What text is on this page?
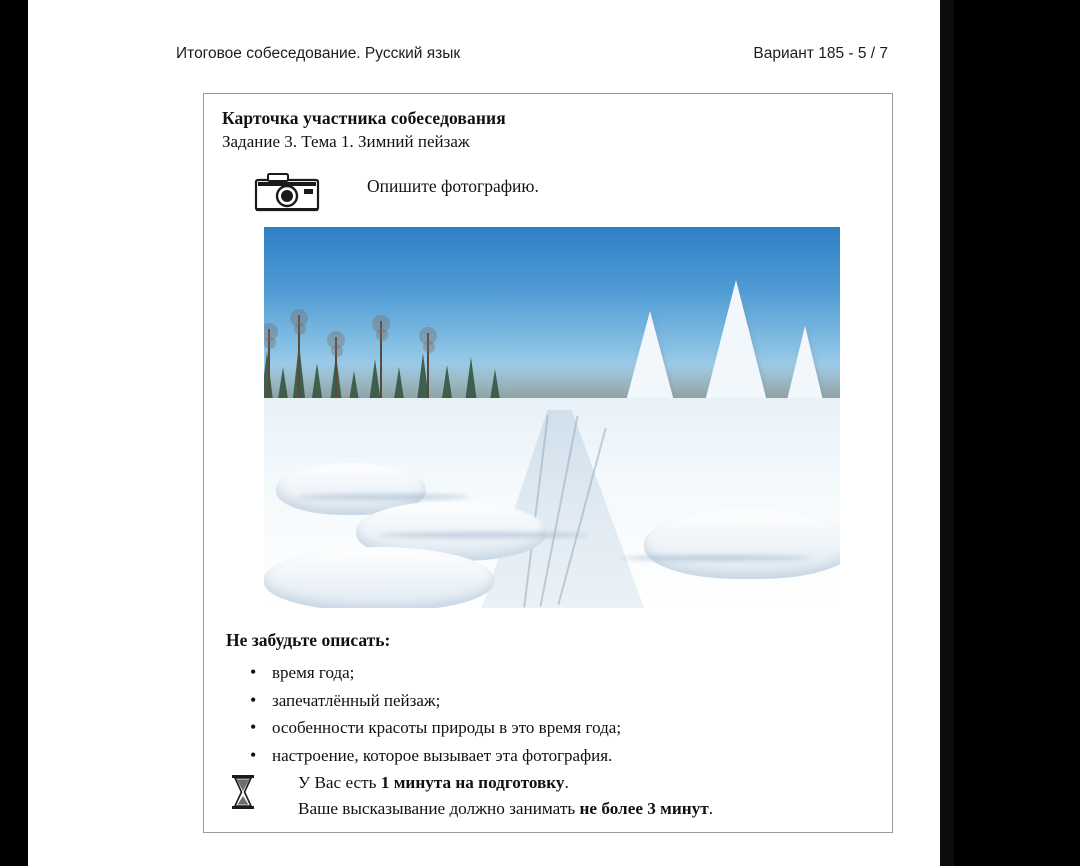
Итоговое собеседование. Русский язык	Вариант 185 - 5 / 7
Карточка участника собеседования
Задание 3. Тема 1. Зимний пейзаж
Опишите фотографию.
Не забудьте описать:
• время года;
• запечатлённый пейзаж;
• особенности красоты природы в это время года;
• настроение, которое вызывает эта фотография.
У Вас есть 1 минута на подготовку.
Ваше высказывание должно занимать не более 3 минут.
